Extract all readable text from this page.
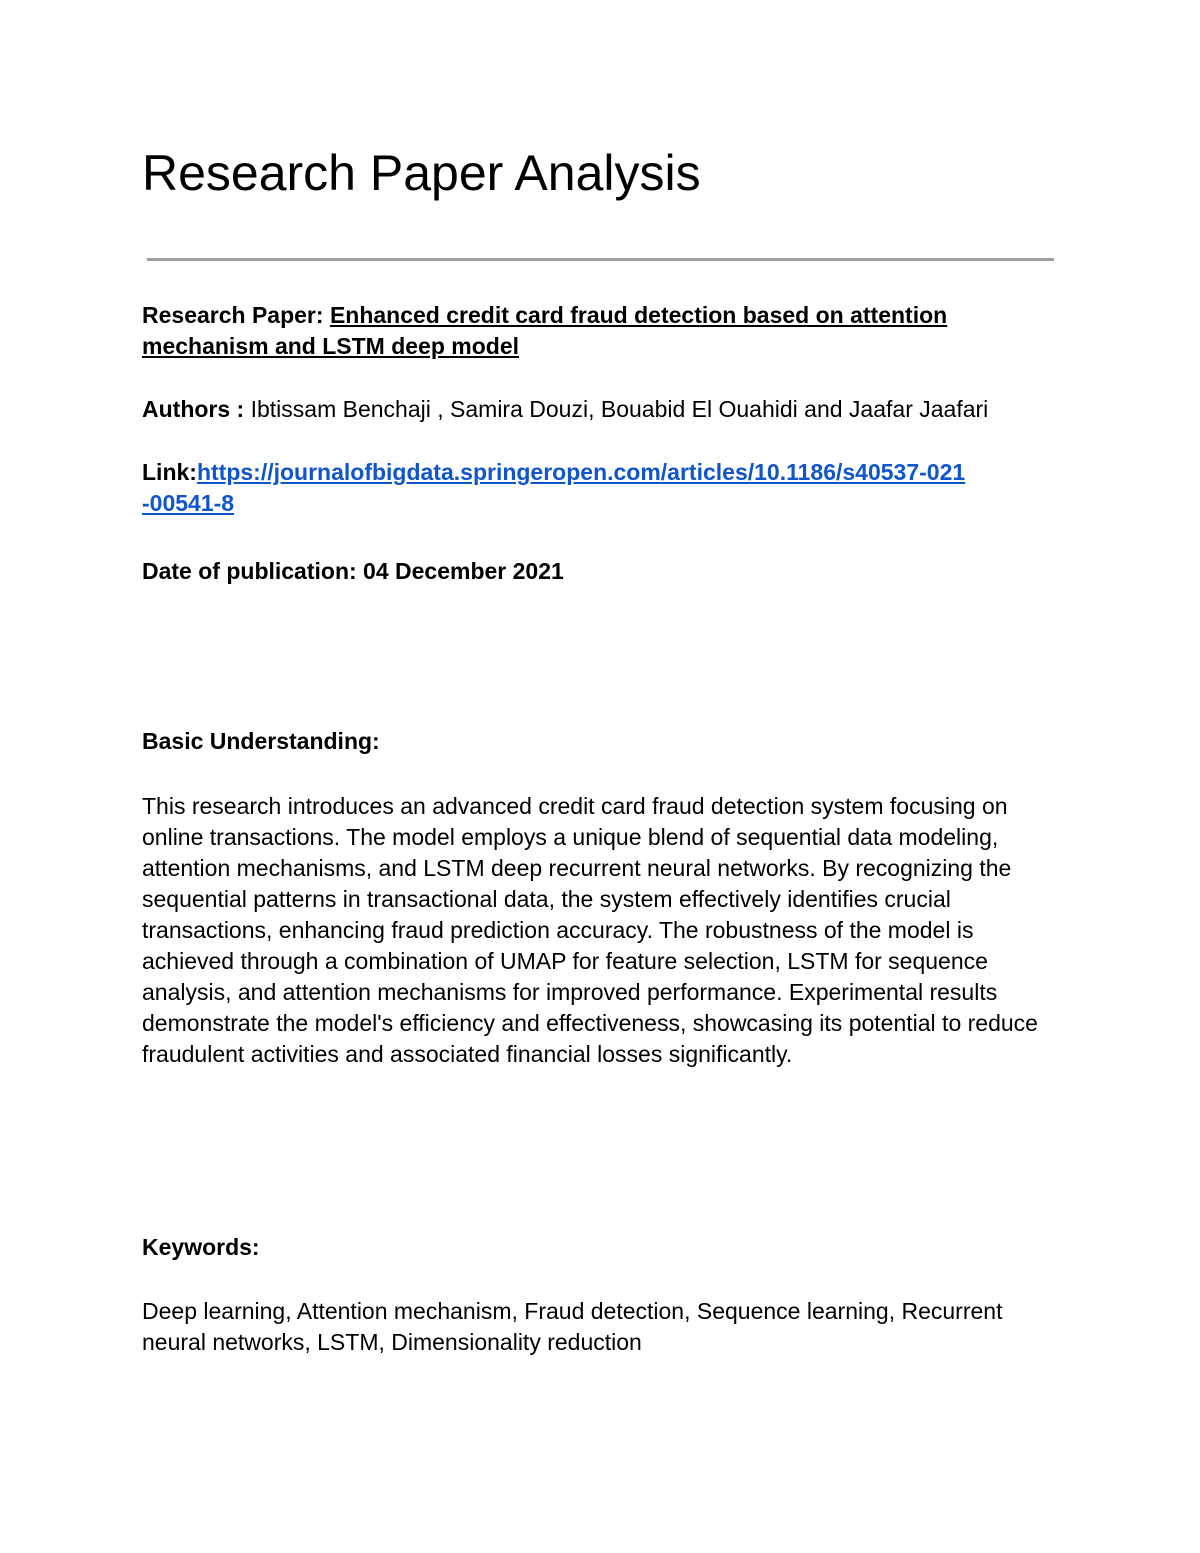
Research Paper Analysis

Research Paper: Enhanced credit card fraud detection based on attention
mechanism and LSTM deep model

Authors : Ibtissam Benchaji , Samira Douzi, Bouabid El Ouahidi and Jaafar Jaafari

Link:https://journalofbigdata.springeropen.com/articles/10.1186/s40537-021
-00541-8

Date of publication: 04 December 2021

Basic Understanding:

This research introduces an advanced credit card fraud detection system focusing on
online transactions. The model employs a unique blend of sequential data modeling,
attention mechanisms, and LSTM deep recurrent neural networks. By recognizing the
sequential patterns in transactional data, the system effectively identifies crucial
transactions, enhancing fraud prediction accuracy. The robustness of the model is
achieved through a combination of UMAP for feature selection, LSTM for sequence
analysis, and attention mechanisms for improved performance. Experimental results
demonstrate the model's efficiency and effectiveness, showcasing its potential to reduce
fraudulent activities and associated financial losses significantly.

Keywords:

Deep learning, Attention mechanism, Fraud detection, Sequence learning, Recurrent
neural networks, LSTM, Dimensionality reduction
